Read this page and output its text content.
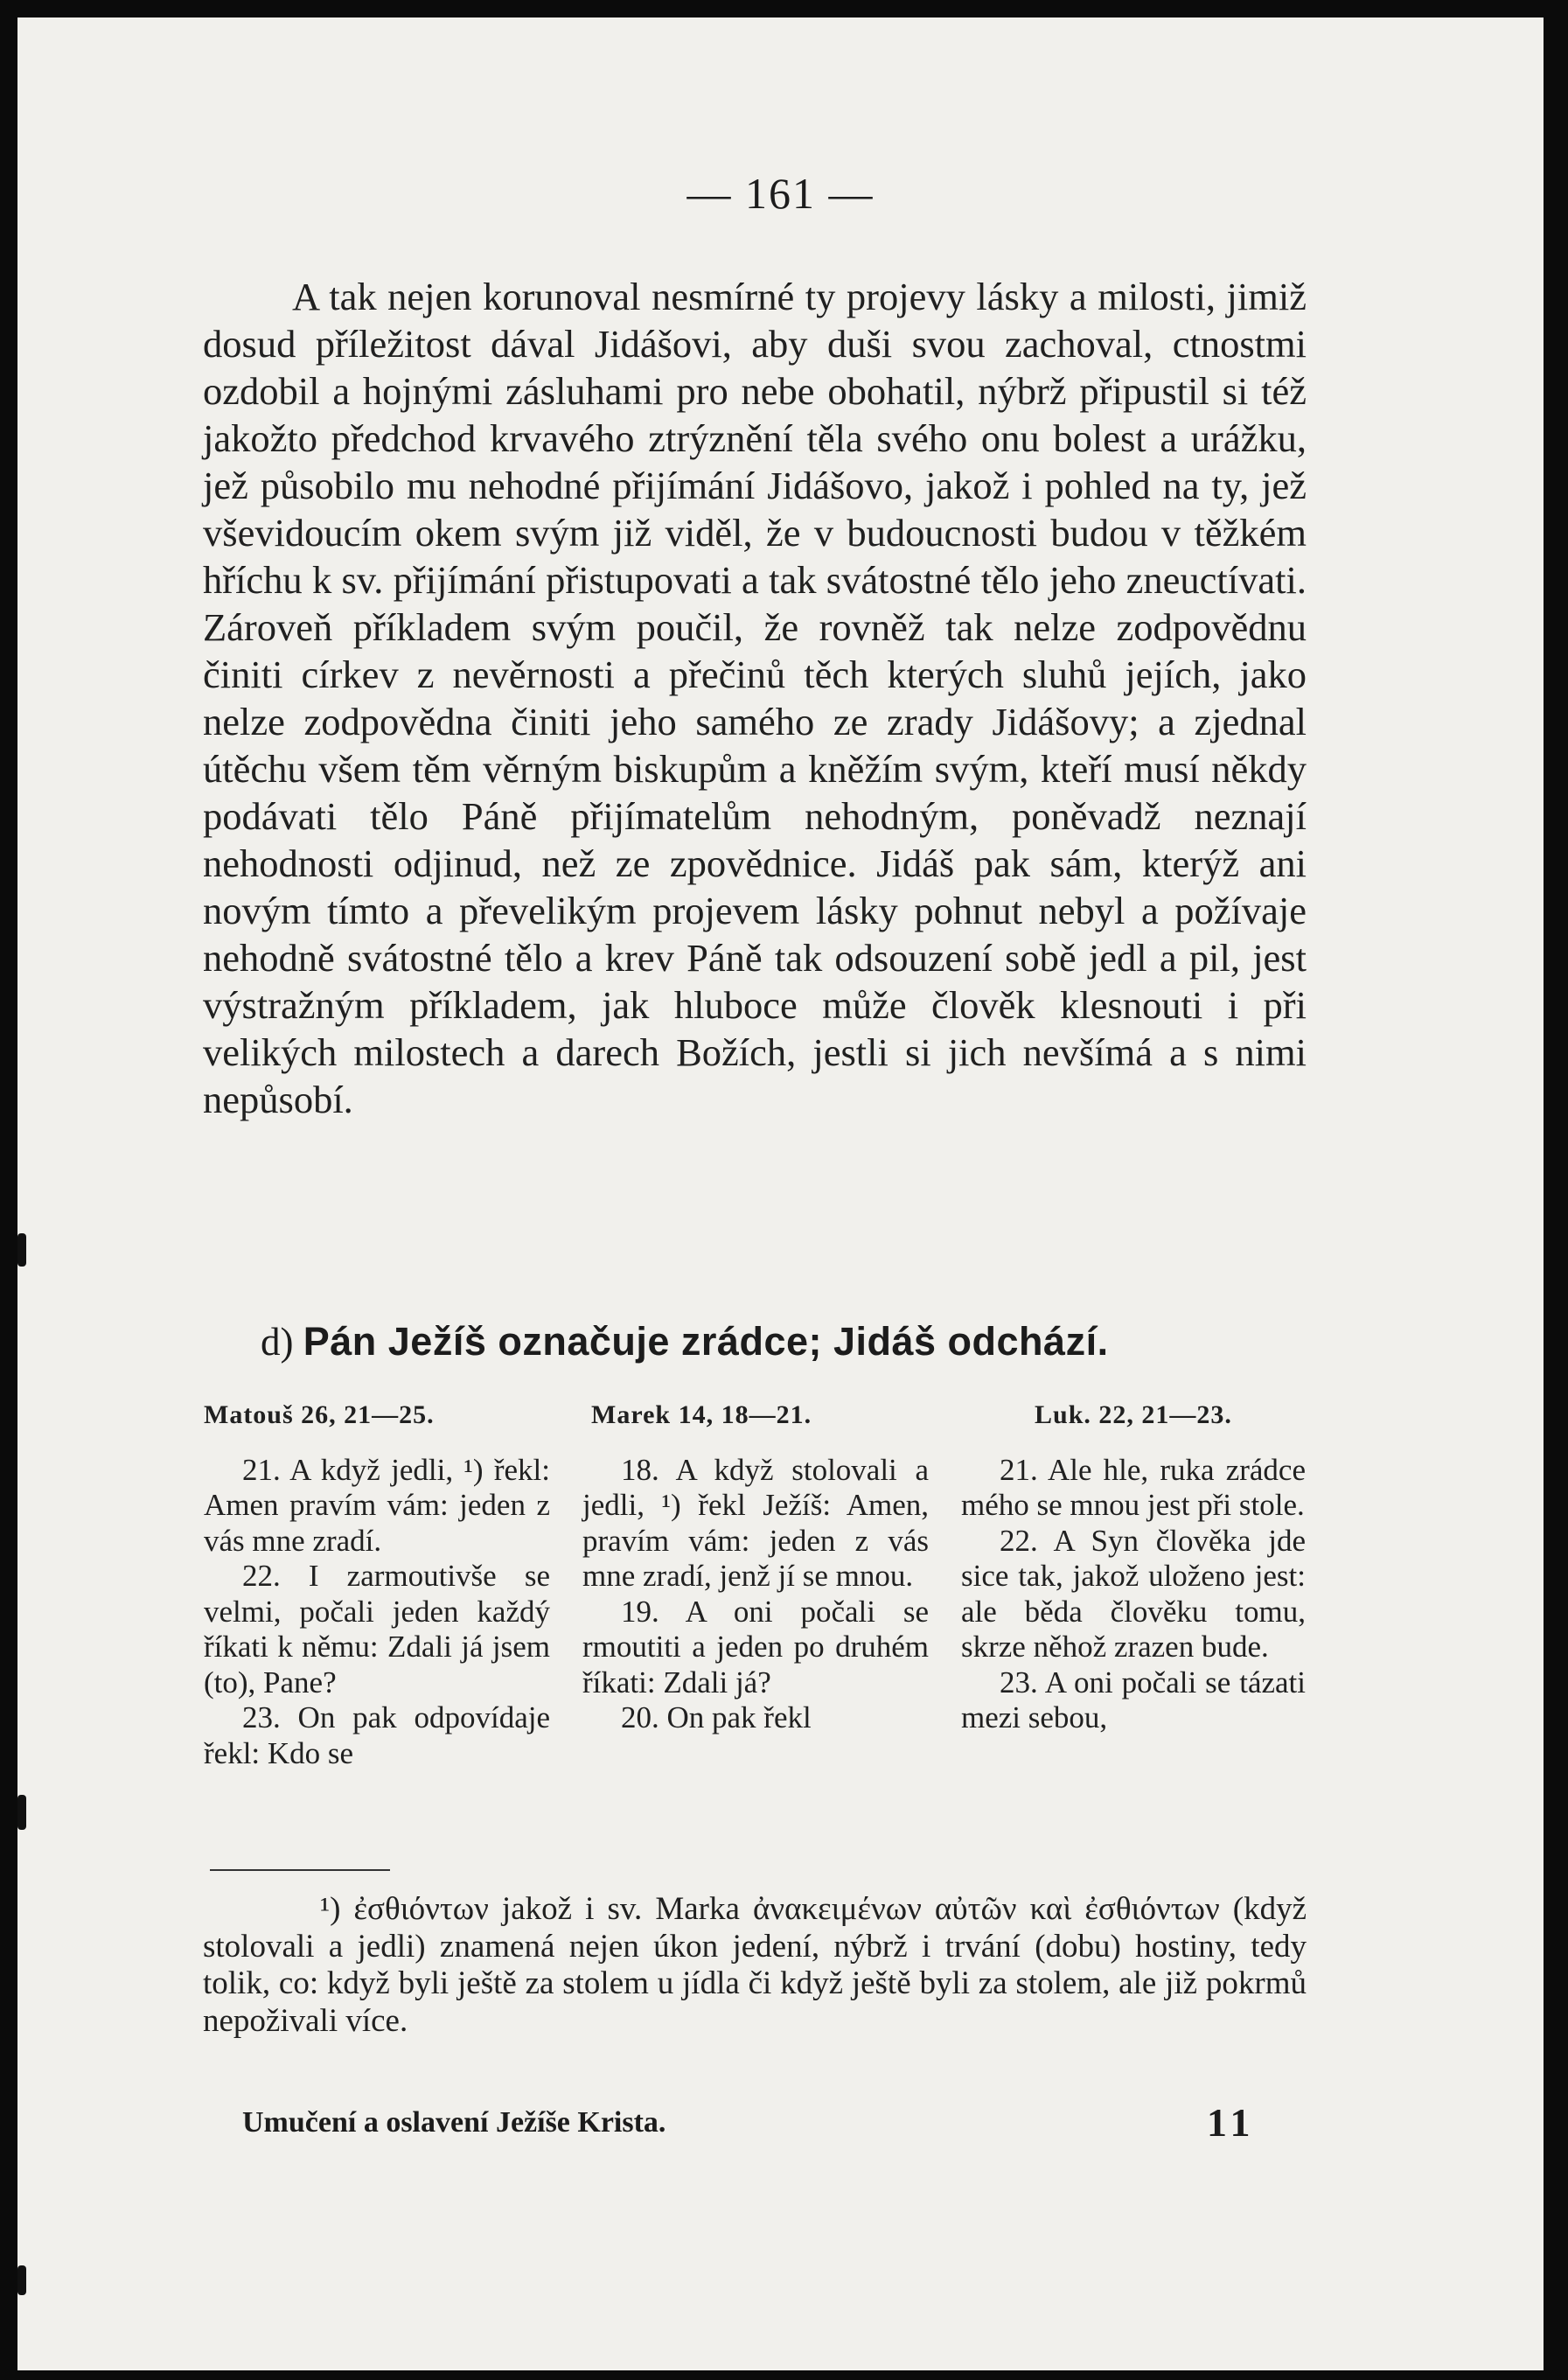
— 161 —

A tak nejen korunoval nesmírné ty projevy lásky a milosti, jimiž dosud příležitost dával Jidášovi, aby duši svou zachoval, ctnostmi ozdobil a hojnými zásluhami pro nebe obohatil, nýbrž připustil si též jakožto předchod krvavého ztrýznění těla svého onu bolest a urážku, jež působilo mu nehodné přijímání Jidášovo, jakož i pohled na ty, jež vševidoucím okem svým již viděl, že v budoucnosti budou v těžkém hříchu k sv. přijímání přistupovati a tak svátostné tělo jeho zneuctívati. Zároveň příkladem svým poučil, že rovněž tak nelze zodpovědnu činiti církev z nevěrnosti a přečinů těch kterých sluhů jejích, jako nelze zodpovědna činiti jeho samého ze zrady Jidášovy; a zjednal útěchu všem těm věrným biskupům a kněžím svým, kteří musí někdy podávati tělo Páně přijímatelům nehodným, poněvadž neznají nehodnosti odjinud, než ze zpovědnice. Jidáš pak sám, kterýž ani novým tímto a převelikým projevem lásky pohnut nebyl a požívaje nehodně svátostné tělo a krev Páně tak odsouzení sobě jedl a pil, jest výstražným příkladem, jak hluboce může člověk klesnouti i při velikých milostech a darech Božích, jestli si jich nevšímá a s nimi nepůsobí.

d) Pán Ježíš označuje zrádce; Jidáš odchází.
Matouš 26, 21—25.

21. A když jedli, ¹) řekl: Amen pravím vám: jeden z vás mne zradí.

22. I zarmoutivše se velmi, počali jeden každý říkati k němu: Zdali já jsem (to), Pane?

23. On pak odpovídaje řekl: Kdo se

Marek 14, 18—21.

18. A když stolovali a jedli, ¹) řekl Ježíš: Amen, pravím vám: jeden z vás mne zradí, jenž jí se mnou.

19. A oni počali se rmoutiti a jeden po druhém říkati: Zdali já?

20. On pak řekl

Luk. 22, 21—23.

21. Ale hle, ruka zrádce mého se mnou jest při stole.

22. A Syn člověka jde sice tak, jakož uloženo jest: ale běda člověku tomu, skrze něhož zrazen bude.

23. A oni počali se tázati mezi sebou,

¹) ἐσθιόντων jakož i sv. Marka ἀνακειμένων αὐτῶν καὶ ἐσθιόντων (když stolovali a jedli) znamená nejen úkon jedení, nýbrž i trvání (dobu) hostiny, tedy tolik, co: když byli ještě za stolem u jídla či když ještě byli za stolem, ale již pokrmů nepoživali více.
Umučení a oslavení Ježíše Krista.	11
